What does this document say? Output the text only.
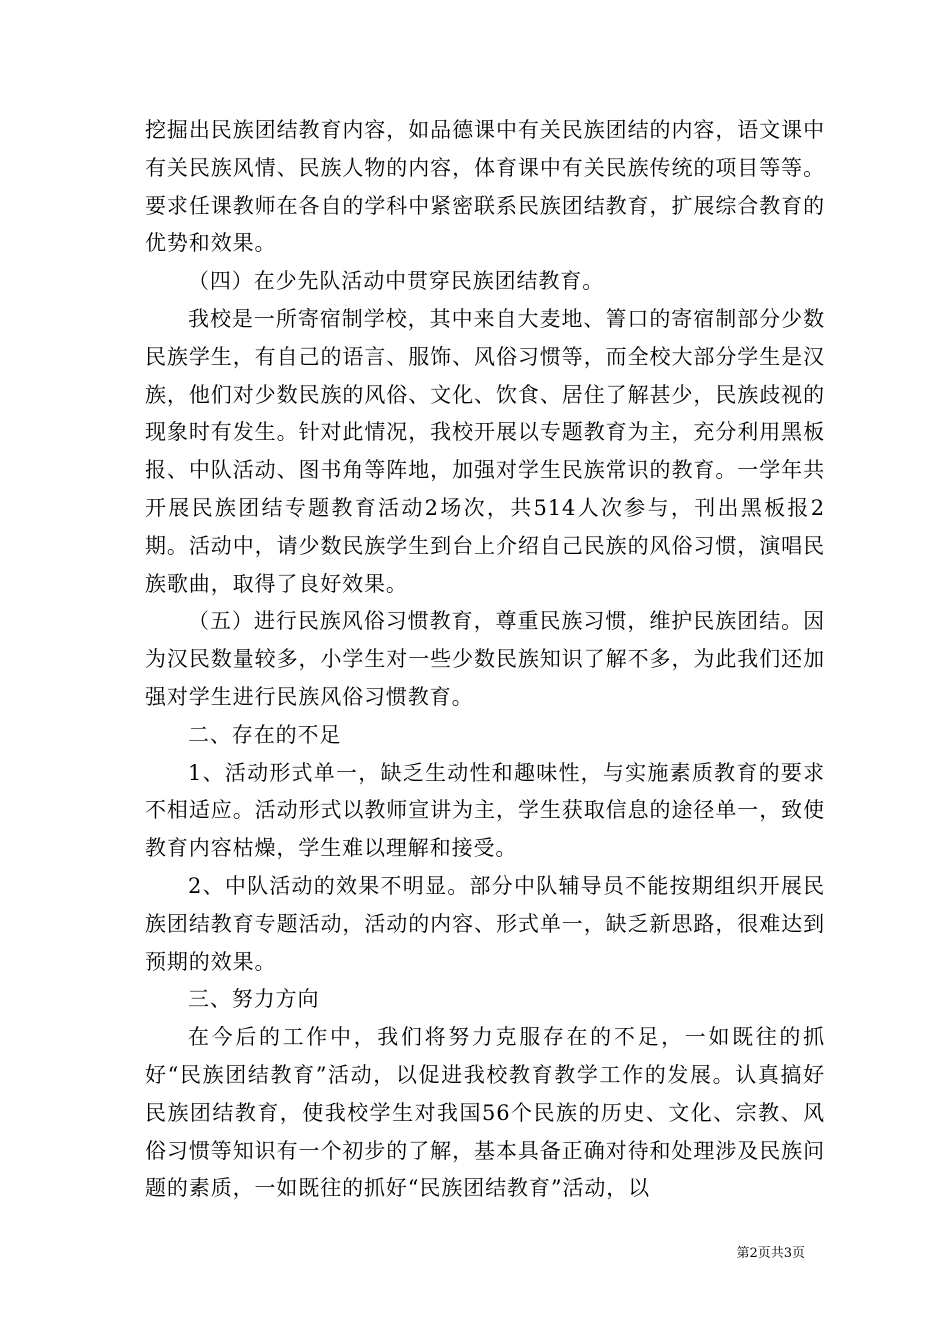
挖掘出民族团结教育内容，如品德课中有关民族团结的内容，语文课中有关民族风情、民族人物的内容，体育课中有关民族传统的项目等等。要求任课教师在各自的学科中紧密联系民族团结教育，扩展综合教育的优势和效果。

（四）在少先队活动中贯穿民族团结教育。

我校是一所寄宿制学校，其中来自大麦地、箐口的寄宿制部分少数民族学生，有自己的语言、服饰、风俗习惯等，而全校大部分学生是汉族，他们对少数民族的风俗、文化、饮食、居住了解甚少，民族歧视的现象时有发生。针对此情况，我校开展以专题教育为主，充分利用黑板报、中队活动、图书角等阵地，加强对学生民族常识的教育。一学年共开展民族团结专题教育活动2场次，共514人次参与，刊出黑板报2期。活动中，请少数民族学生到台上介绍自己民族的风俗习惯，演唱民族歌曲，取得了良好效果。

（五）进行民族风俗习惯教育，尊重民族习惯，维护民族团结。因为汉民数量较多，小学生对一些少数民族知识了解不多，为此我们还加强对学生进行民族风俗习惯教育。

二、存在的不足

1、活动形式单一，缺乏生动性和趣味性，与实施素质教育的要求不相适应。活动形式以教师宣讲为主，学生获取信息的途径单一，致使教育内容枯燥，学生难以理解和接受。

2、中队活动的效果不明显。部分中队辅导员不能按期组织开展民族团结教育专题活动，活动的内容、形式单一，缺乏新思路，很难达到预期的效果。

三、努力方向

在今后的工作中，我们将努力克服存在的不足，一如既往的抓好“民族团结教育”活动，以促进我校教育教学工作的发展。认真搞好民族团结教育，使我校学生对我国56个民族的历史、文化、宗教、风俗习惯等知识有一个初步的了解，基本具备正确对待和处理涉及民族问题的素质，一如既往的抓好“民族团结教育”活动，以

第2页共3页
